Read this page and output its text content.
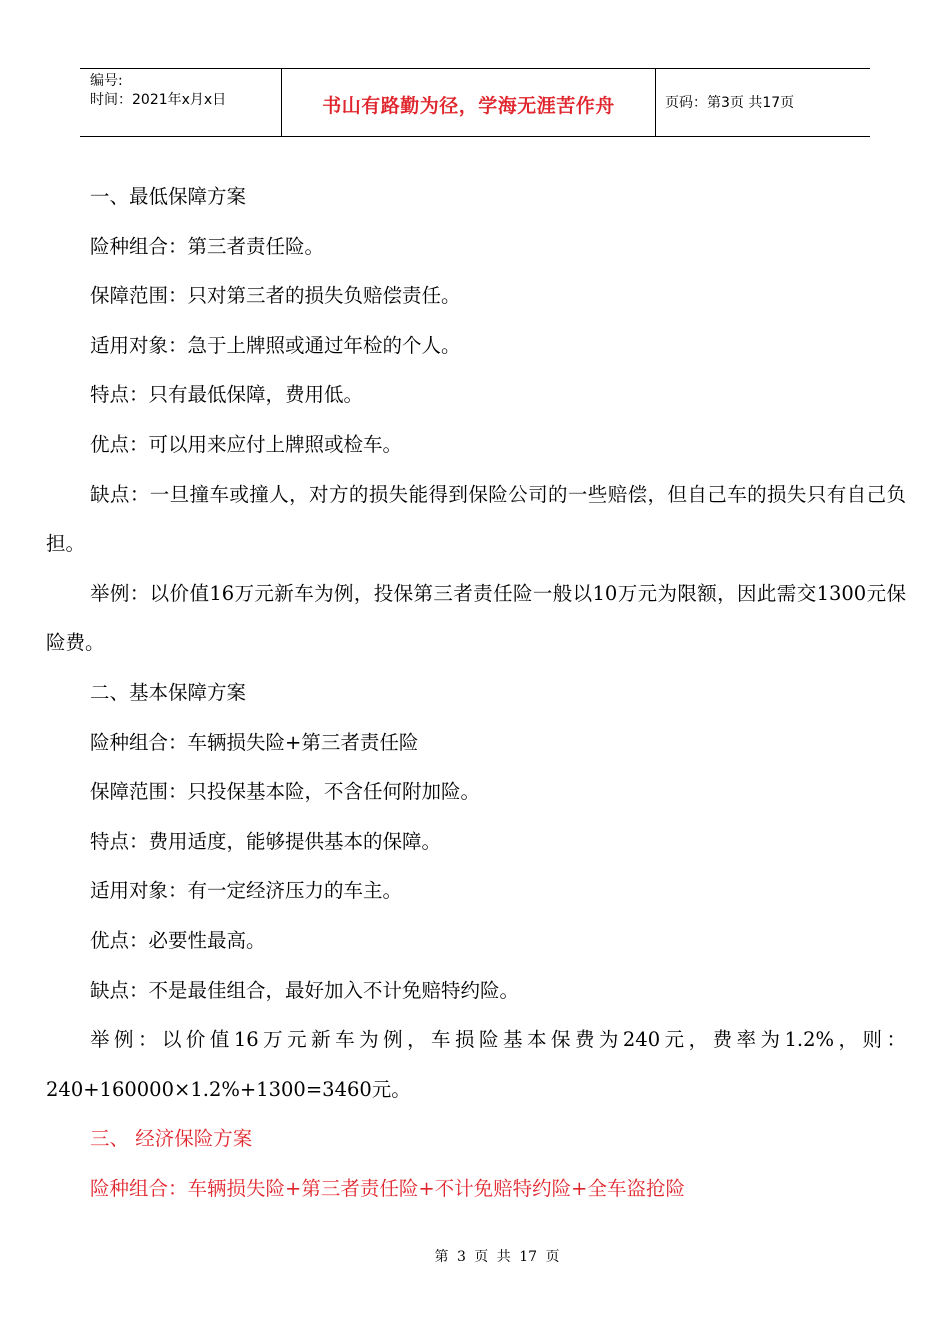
编号:
时间：2021年x月x日	书山有路勤为径，学海无涯苦作舟	页码：第3页 共17页

一、最低保障方案

险种组合：第三者责任险。

保障范围：只对第三者的损失负赔偿责任。

适用对象：急于上牌照或通过年检的个人。

特点：只有最低保障，费用低。

优点：可以用来应付上牌照或检车。

缺点：一旦撞车或撞人，对方的损失能得到保险公司的一些赔偿，但自己车的损失只有自己负担。

举例：以价值16万元新车为例，投保第三者责任险一般以10万元为限额，因此需交1300元保险费。

二、基本保障方案

险种组合：车辆损失险+第三者责任险

保障范围：只投保基本险，不含任何附加险。

特点：费用适度，能够提供基本的保障。

适用对象：有一定经济压力的车主。

优点：必要性最高。

缺点：不是最佳组合，最好加入不计免赔特约险。

举例：以价值16万元新车为例，车损险基本保费为240元，费率为1.2%，则：240+160000×1.2%+1300=3460元。

三、 经济保险方案

险种组合：车辆损失险+第三者责任险+不计免赔特约险+全车盗抢险

第 3 页 共 17 页
